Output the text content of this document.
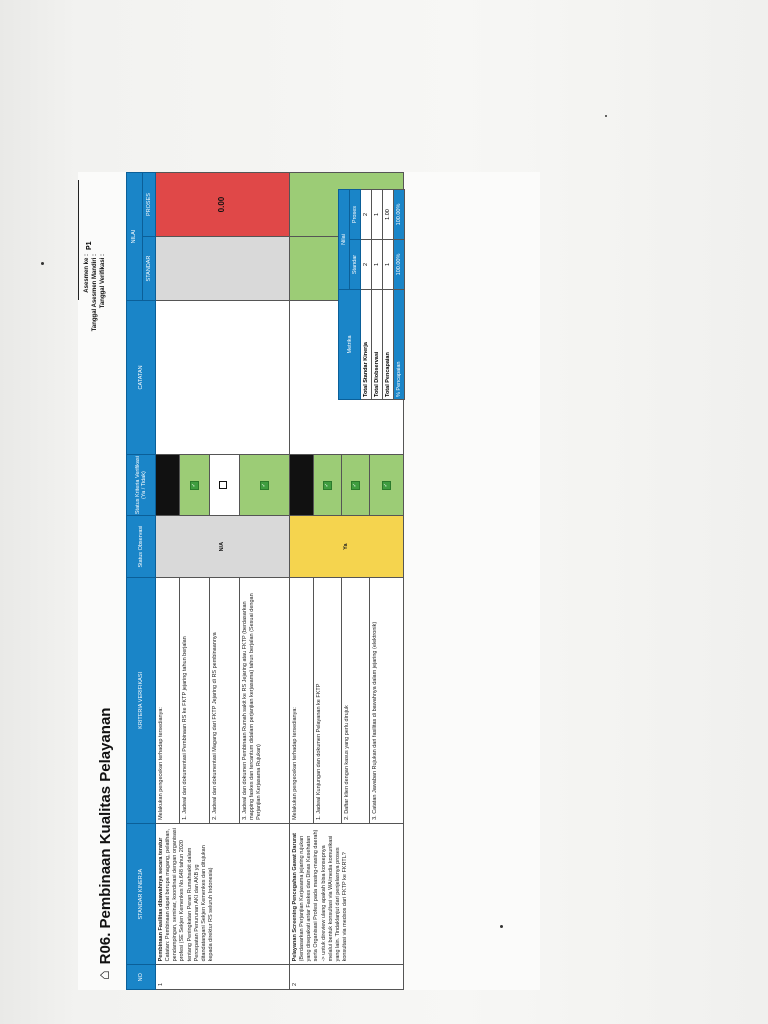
⌂
R06. Pembinaan Kualitas Pelayanan
Asesmen ke : Tanggal Asesmen Mandiri : Tanggal Verifikasi :
P1
NO	STANDAR KINERJA	KRITERIA VERIFIKASI	Status Observasi	Status Kriteria Verifikasi (Ya / Tidak)	CATATAN	NILAI	
						STANDAR	PROSES
1	Pembinaan Fasilitas dibawahnya secara teratur Catatan: Pembinaan dapat berupa magang, pelatihan, pendampingan, seminar, koordinasi dengan organisasi profesi (SE Sekjen Kemenkes No.648 tahun 2020 tentang Peningkatan Peran Rumahsakit dalam Percepatan Penurunan AKI dan AKB yg ditandatangani Sekjen Kemenkes dan ditujukan kepada direktur RS seluruh Indonesia)	Melakukan pengecekan terhadap tersedianya:	N/A				0.00
		1. Jadwal dan dokumentasi Pembinaan RS ke FKTP jejaring tahun berjalan		✓			
		2. Jadwal dan dokumentasi Magang dari FKTP Jejaring di RS pembinaannya					
		3. Jadwal dan dokumen Pembinaan Rumah sakit ke RS Jejaring atau FKTP (berdasarkan mapping faskes dan tercantum didalam perjanjian kerjasama) tahun berjalan (Sesuai dengan Perjanjian Kerjasama Rujukan)		✓			
2	Pelayanan Screening Pencegahan Gawat Darurat (Berdasarkan Perjanjian Kerjasama jejaring rujukan yang disepakati antar Faskes dan Dinas Kesehatan serta Organisasi Profesi pada masing-masing daerah) -> untuk direview ulang apakah bisa konsepnya melalui bentuk konsultasi via WA/media komunikasi yang lain. Tindaklanjut dari penjelasnya proses konsultasi via medsos dari FKTP ke FKRTL?	Melakukan pengecekan terhadap tersedianya:	Ya				
		1. Jadwal Kunjungan dan dokumen Pelayanan ke FKTP		✓			
		2. Daftar klien dengan kasus yang perlu dirujuk		✓			
		3. Catatan Jawaban Rujukan dari fasilitas di bawahnya dalam jejaring (elektronik)		✓			
Metrika	Nilai	
	Standar	Proses
Total Standar Kinerja	2	2
Total Diobservasi	1	1
Total Pencapaian	1	1.00
% Pencapaian	100.00%	100.00%
